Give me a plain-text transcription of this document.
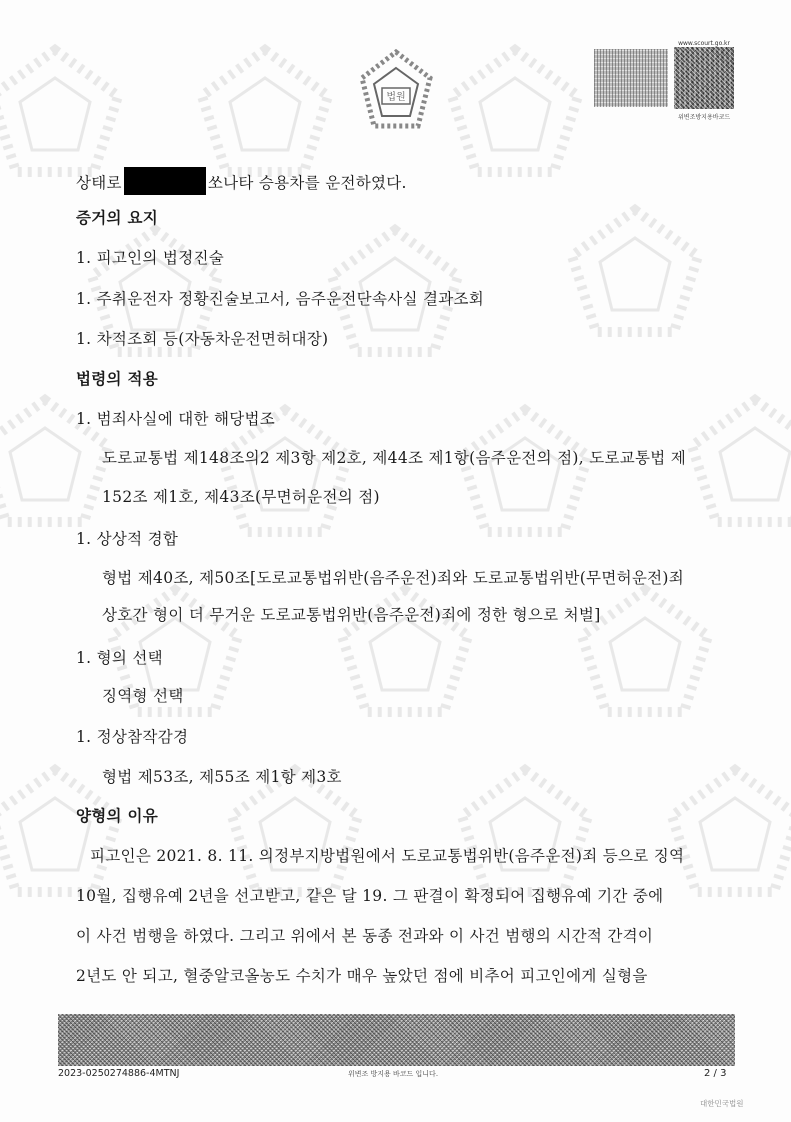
법원
www.scourt.go.kr
위변조방지용바코드
상태로	쏘나타 승용차를 운전하였다.
증거의 요지
1. 피고인의 법정진술
1. 주취운전자 정황진술보고서, 음주운전단속사실 결과조회
1. 차적조회 등(자동차운전면허대장)
법령의 적용
1. 범죄사실에 대한 해당법조
도로교통법 제148조의2 제3항 제2호, 제44조 제1항(음주운전의 점), 도로교통법 제
152조 제1호, 제43조(무면허운전의 점)
1. 상상적 경합
형법 제40조, 제50조[도로교통법위반(음주운전)죄와 도로교통법위반(무면허운전)죄
상호간 형이 더 무거운 도로교통법위반(음주운전)죄에 정한 형으로 처벌]
1. 형의 선택
징역형 선택
1. 정상참작감경
형법 제53조, 제55조 제1항 제3호
양형의 이유
피고인은 2021. 8. 11. 의정부지방법원에서 도로교통법위반(음주운전)죄 등으로 징역
10월, 집행유예 2년을 선고받고, 같은 달 19. 그 판결이 확정되어 집행유예 기간 중에
이 사건 범행을 하였다. 그리고 위에서 본 동종 전과와 이 사건 범행의 시간적 간격이
2년도 안 되고, 혈중알코올농도 수치가 매우 높았던 점에 비추어 피고인에게 실형을
2023-0250274886-4MTNJ	위변조 방지용 바코드 입니다.	2 / 3
대한민국법원
